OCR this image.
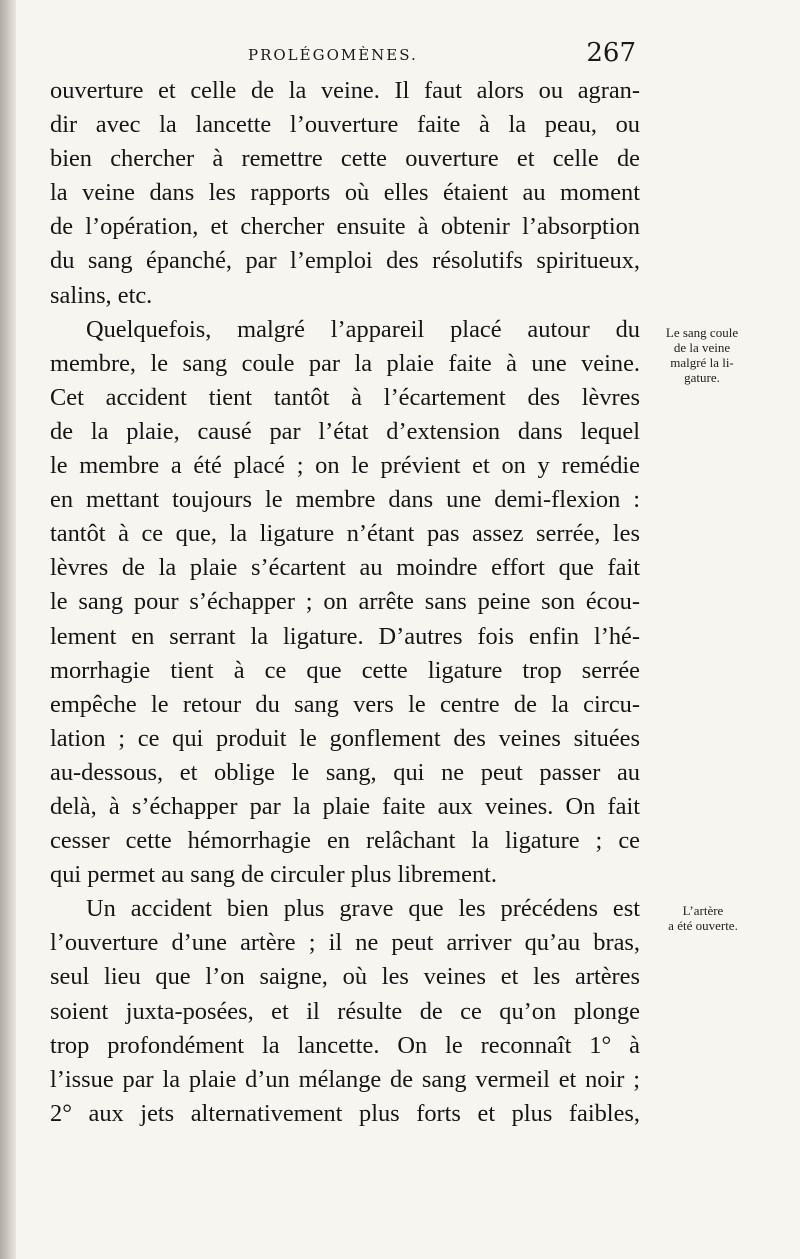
PROLÉGOMÈNES.	267
ouverture et celle de la veine. Il faut alors ou agran-
dir avec la lancette l’ouverture faite à la peau, ou
bien chercher à remettre cette ouverture et celle de
la veine dans les rapports où elles étaient au moment
de l’opération, et chercher ensuite à obtenir l’absorption
du sang épanché, par l’emploi des résolutifs spiritueux,
salins, etc.
Quelquefois, malgré l’appareil placé autour du
membre, le sang coule par la plaie faite à une veine.
Cet accident tient tantôt à l’écartement des lèvres
de la plaie, causé par l’état d’extension dans lequel
le membre a été placé ; on le prévient et on y remédie
en mettant toujours le membre dans une demi-flexion :
tantôt à ce que, la ligature n’étant pas assez serrée, les
lèvres de la plaie s’écartent au moindre effort que fait
le sang pour s’échapper ; on arrête sans peine son écou-
lement en serrant la ligature. D’autres fois enfin l’hé-
morrhagie tient à ce que cette ligature trop serrée
empêche le retour du sang vers le centre de la circu-
lation ; ce qui produit le gonflement des veines situées
au-dessous, et oblige le sang, qui ne peut passer au
delà, à s’échapper par la plaie faite aux veines. On fait
cesser cette hémorrhagie en relâchant la ligature ; ce
qui permet au sang de circuler plus librement.
Un accident bien plus grave que les précédens est
l’ouverture d’une artère ; il ne peut arriver qu’au bras,
seul lieu que l’on saigne, où les veines et les artères
soient juxta-posées, et il résulte de ce qu’on plonge
trop profondément la lancette. On le reconnaît 1° à
l’issue par la plaie d’un mélange de sang vermeil et noir ;
2° aux jets alternativement plus forts et plus faibles,
Le sang coule
de la veine
malgré la li-
gature.
L’artère
a été ouverte.
